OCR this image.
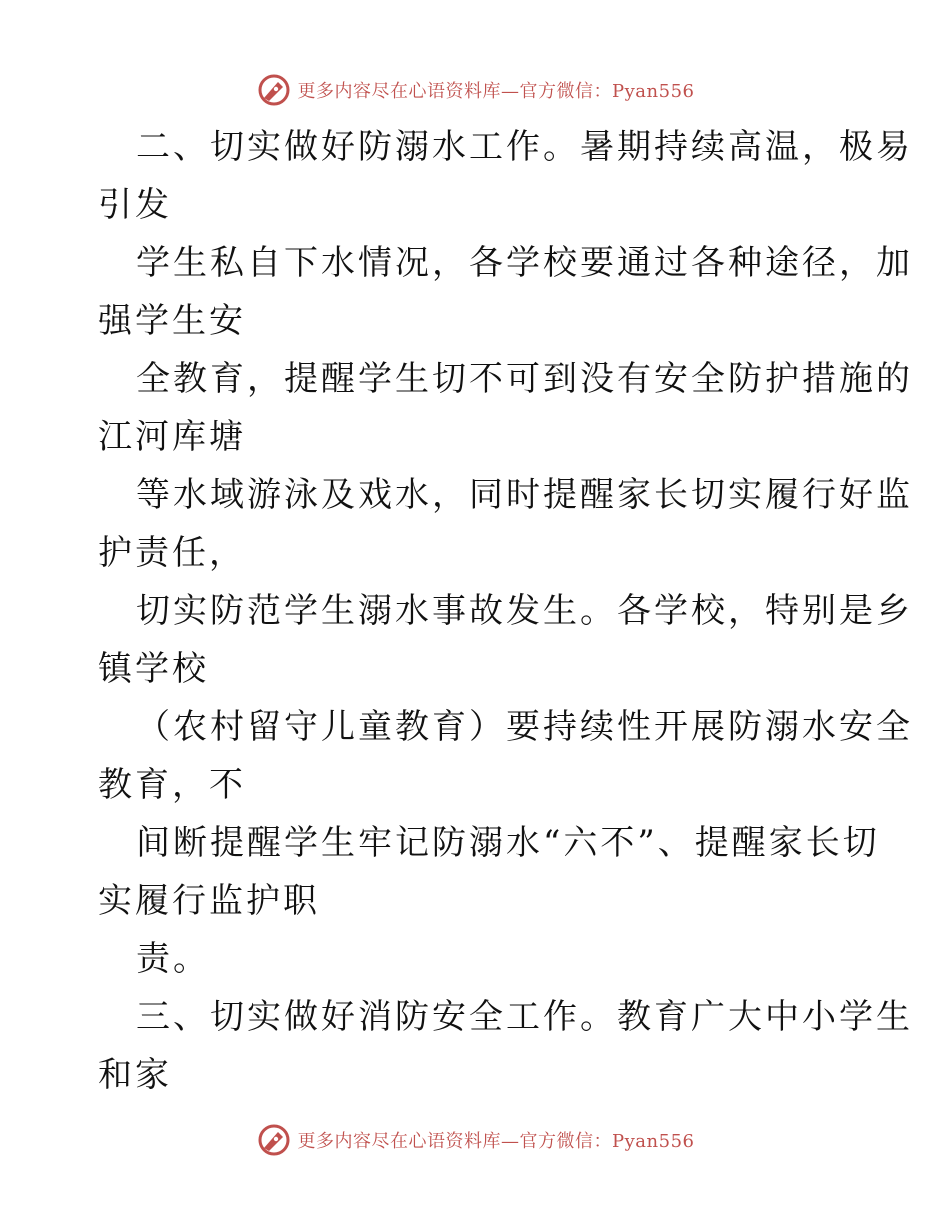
更多内容尽在心语资料库—官方微信：Pyan556
二、切实做好防溺水工作。暑期持续高温，极易
引发
学生私自下水情况，各学校要通过各种途径，加
强学生安
全教育，提醒学生切不可到没有安全防护措施的
江河库塘
等水域游泳及戏水，同时提醒家长切实履行好监
护责任，
切实防范学生溺水事故发生。各学校，特别是乡
镇学校
（农村留守儿童教育）要持续性开展防溺水安全
教育，不
间断提醒学生牢记防溺水“六不”、提醒家长切
实履行监护职
责。
三、切实做好消防安全工作。教育广大中小学生
和家
更多内容尽在心语资料库—官方微信：Pyan556
